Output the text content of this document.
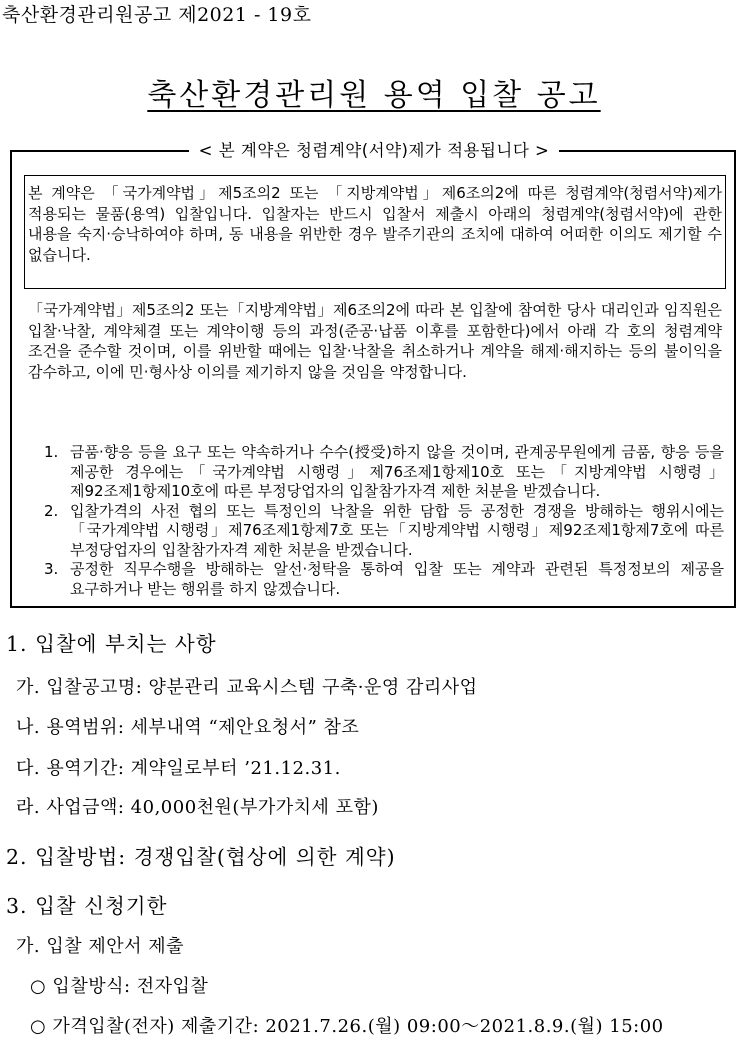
축산환경관리원공고 제2021 - 19호
축산환경관리원 용역 입찰 공고
< 본 계약은 청렴계약(서약)제가 적용됩니다 >
본 계약은 「국가계약법」제5조의2 또는 「지방계약법」제6조의2에 따른 청렴계약(청렴서약)제가 적용되는 물품(용역) 입찰입니다. 입찰자는 반드시 입찰서 제출시 아래의 청렴계약(청렴서약)에 관한 내용을 숙지·승낙하여야 하며, 동 내용을 위반한 경우 발주기관의 조치에 대하여 어떠한 이의도 제기할 수 없습니다.
「국가계약법」제5조의2 또는「지방계약법」제6조의2에 따라 본 입찰에 참여한 당사 대리인과 임직원은 입찰·낙찰, 계약체결 또는 계약이행 등의 과정(준공·납품 이후를 포함한다)에서 아래 각 호의 청렴계약 조건을 준수할 것이며, 이를 위반할 때에는 입찰·낙찰을 취소하거나 계약을 해제·해지하는 등의 불이익을 감수하고, 이에 민·형사상 이의를 제기하지 않을 것임을 약정합니다.
1. 금품·향응 등을 요구 또는 약속하거나 수수(授受)하지 않을 것이며, 관계공무원에게 금품, 향응 등을 제공한 경우에는「국가계약법 시행령」제76조제1항제10호 또는「지방계약법 시행령」제92조제1항제10호에 따른 부정당업자의 입찰참가자격 제한 처분을 받겠습니다.
2. 입찰가격의 사전 협의 또는 특정인의 낙찰을 위한 담합 등 공정한 경쟁을 방해하는 행위시에는「국가계약법 시행령」제76조제1항제7호 또는「지방계약법 시행령」제92조제1항제7호에 따른 부정당업자의 입찰참가자격 제한 처분을 받겠습니다.
3. 공정한 직무수행을 방해하는 알선·청탁을 통하여 입찰 또는 계약과 관련된 특정정보의 제공을 요구하거나 받는 행위를 하지 않겠습니다.
1. 입찰에 부치는 사항
가. 입찰공고명: 양분관리 교육시스템 구축·운영 감리사업
나. 용역범위: 세부내역 “제안요청서” 참조
다. 용역기간: 계약일로부터 ’21.12.31.
라. 사업금액: 40,000천원(부가가치세 포함)
2. 입찰방법: 경쟁입찰(협상에 의한 계약)
3. 입찰 신청기한
가. 입찰 제안서 제출
○ 입찰방식: 전자입찰
○ 가격입찰(전자) 제출기간: 2021.7.26.(월) 09:00～2021.8.9.(월) 15:00
